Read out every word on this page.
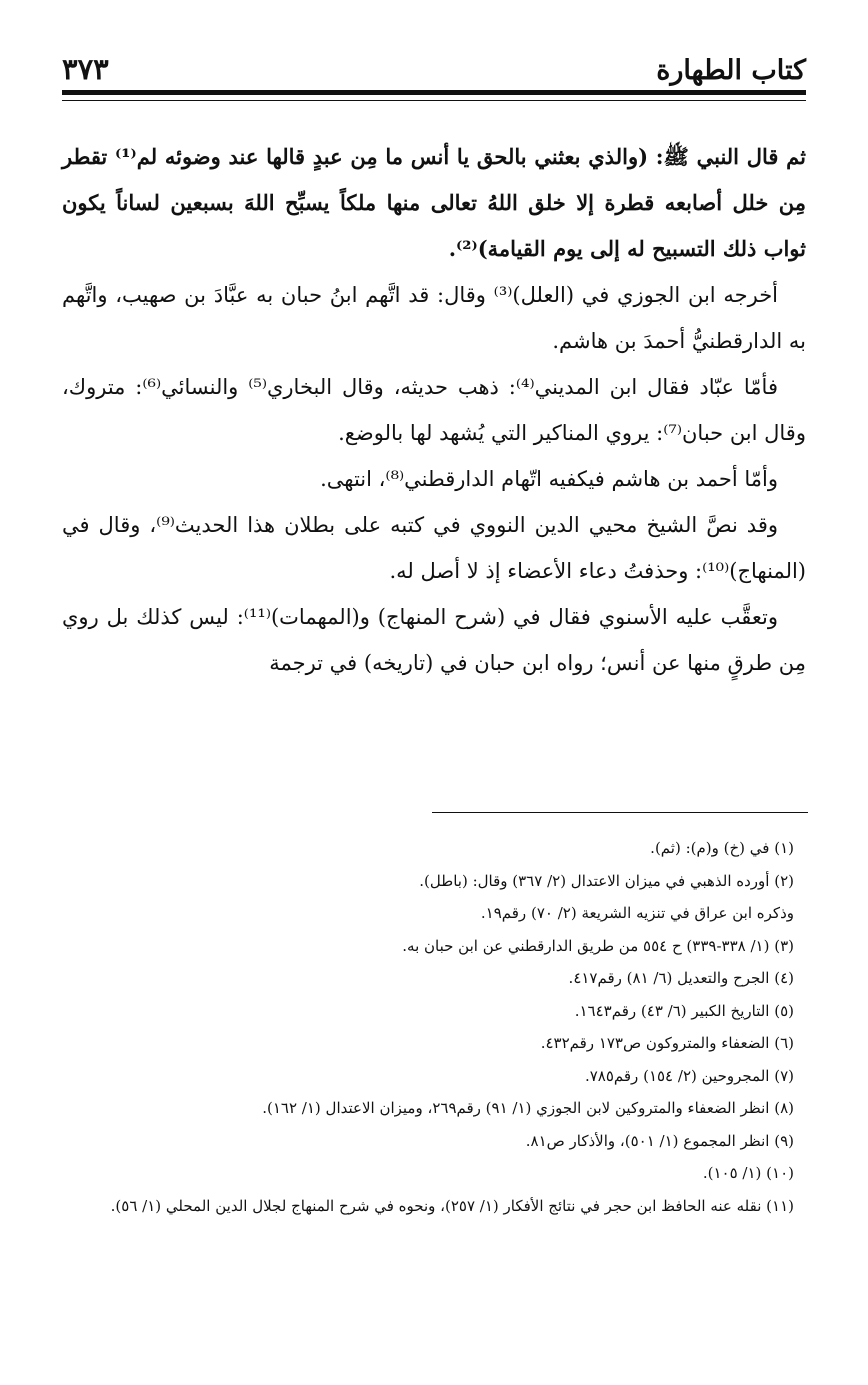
كتاب الطهارة
٣٧٣

ثم قال النبي ﷺ: (والذي بعثني بالحق يا أنس ما مِن عبدٍ قالها عند وضوئه لم⁽¹⁾ تقطر مِن خلل أصابعه قطرة إلا خلق اللهُ تعالى منها ملكاً يسبِّح اللهَ بسبعين لساناً يكون ثواب ذلك التسبيح له إلى يوم القيامة)⁽²⁾.

أخرجه ابن الجوزي في (العلل)⁽³⁾ وقال: قد اتَّهم ابنُ حبان به عبَّادَ بن صهيب، واتَّهم به الدارقطنيُّ أحمدَ بن هاشم.

فأمّا عبّاد فقال ابن المديني⁽⁴⁾: ذهب حديثه، وقال البخاري⁽⁵⁾ والنسائي⁽⁶⁾: متروك، وقال ابن حبان⁽⁷⁾: يروي المناكير التي يُشهد لها بالوضع.

وأمّا أحمد بن هاشم فيكفيه اتّهام الدارقطني⁽⁸⁾، انتهى.

وقد نصَّ الشيخ محيي الدين النووي في كتبه على بطلان هذا الحديث⁽⁹⁾، وقال في (المنهاج)⁽¹⁰⁾: وحذفتُ دعاء الأعضاء إذ لا أصل له.

وتعقَّب عليه الأسنوي فقال في (شرح المنهاج) و(المهمات)⁽¹¹⁾: ليس كذلك بل روي مِن طرقٍ منها عن أنس؛ رواه ابن حبان في (تاريخه) في ترجمة

(١) في (خ) و(م): (ثم).

(٢) أورده الذهبي في ميزان الاعتدال (٢/ ٣٦٧) وقال: (باطل).

وذكره ابن عراق في تنزيه الشريعة (٢/ ٧٠) رقم١٩.

(٣) (١/ ٣٣٨-٣٣٩) ح ٥٥٤ من طريق الدارقطني عن ابن حبان به.

(٤) الجرح والتعديل (٦/ ٨١) رقم٤١٧.

(٥) التاريخ الكبير (٦/ ٤٣) رقم١٦٤٣.

(٦) الضعفاء والمتروكون ص١٧٣ رقم٤٣٢.

(٧) المجروحين (٢/ ١٥٤) رقم٧٨٥.

(٨) انظر الضعفاء والمتروكين لابن الجوزي (١/ ٩١) رقم٢٦٩، وميزان الاعتدال (١/ ١٦٢).

(٩) انظر المجموع (١/ ٥٠١)، والأذكار ص٨١.

(١٠) (١/ ١٠٥).

(١١) نقله عنه الحافظ ابن حجر في نتائج الأفكار (١/ ٢٥٧)، ونحوه في شرح المنهاج لجلال الدين المحلي (١/ ٥٦).
